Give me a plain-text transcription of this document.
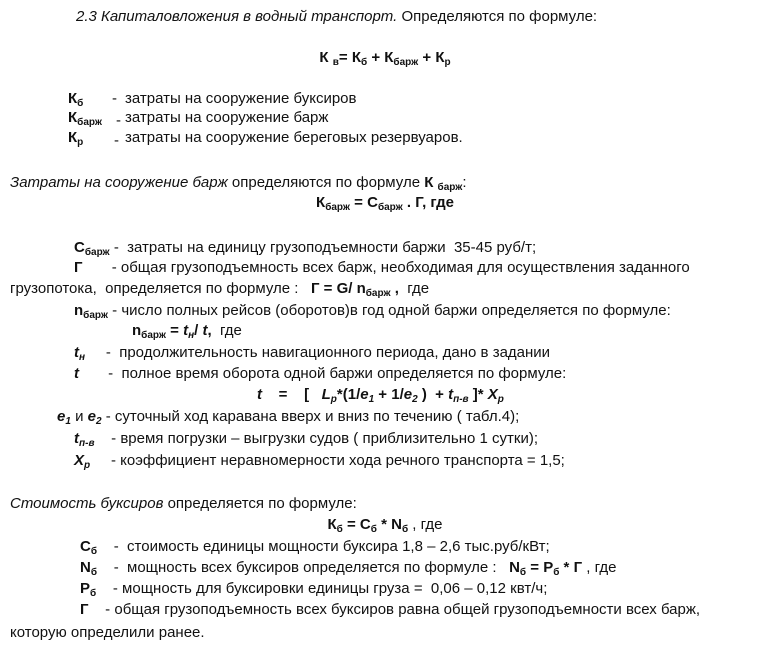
2.3 Капиталовложения в водный транспорт. Определяются по формуле:
К $_в= К_б + К_{барж} + К_р$
$К_б$ - затраты на сооружение буксиров
$К_{барж}$ - затраты на сооружение барж
$К_р$ - затраты на сооружение береговых резервуаров.
Затраты на сооружение барж определяются по формуле К $_{барж}$:
$К_{барж} = С_{барж}$ . Г, где
$С_{барж}$ -  затраты на единицу грузоподъемности баржи  35-45 руб/т;
Г       - общая грузоподъемность всех барж, необходимая для осуществления заданного
грузопотока,  определяется по формуле :   Г = G/ $n_{барж}$ ,  где
$n_{барж}$ - число полных рейсов (оборотов)в год одной баржи определяется по формуле:
$n_{барж} = t_н/$ t,  где
$t_н$     -  продолжительность навигационного периода, дано в задании
t       -  полное время оборота одной баржи определяется по формуле:
t    =    [   $L_р*(1/e_1 + 1/e_2$ )  + $t_{п-в}$ ]* $X_р$
$e_1$ и $e_2$ - суточный ход каравана вверх и вниз по течению ( табл.4);
$t_{п-в}$    - время погрузки – выгрузки судов ( приблизительно 1 сутки);
$X_р$     - коэффициент неравномерности хода речного транспорта = 1,5;
Стоимость буксиров определяется по формуле:
$К_б = С_б * N_б$ , где
$С_б$    -  стоимость единицы мощности буксира 1,8 – 2,6 тыс.руб/кВт;
$N_б$    -  мощность всех буксиров определяется по формуле :   $N_б = Р_б * Г$ , где
$Р_б$    - мощность для буксировки единицы груза =  0,06 – 0,12 квт/ч;
Г    - общая грузоподъемность всех буксиров равна общей грузоподъемности всех барж,
которую определили ранее.
